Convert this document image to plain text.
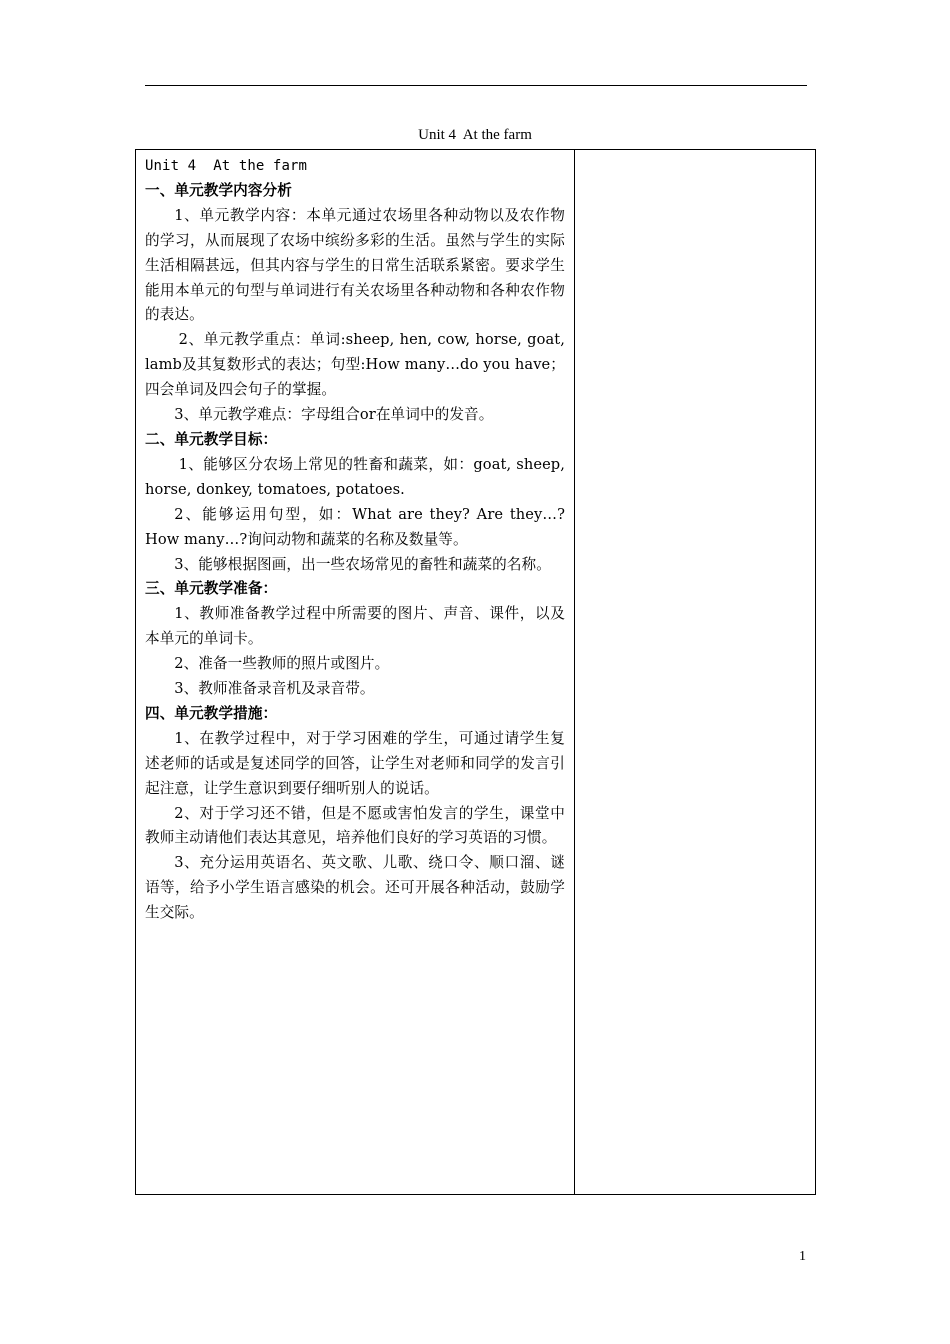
Unit 4  At the farm
Unit 4  At the farm
一、单元教学内容分析

1、单元教学内容：本单元通过农场里各种动物以及农作物的学习，从而展现了农场中缤纷多彩的生活。虽然与学生的实际生活相隔甚远，但其内容与学生的日常生活联系紧密。要求学生能用本单元的句型与单词进行有关农场里各种动物和各种农作物的表达。

2、单元教学重点：单词:sheep, hen, cow, horse, goat, lamb及其复数形式的表达；句型:How many…do you have；四会单词及四会句子的掌握。

3、单元教学难点：字母组合or在单词中的发音。

二、单元教学目标：

1、能够区分农场上常见的牲畜和蔬菜，如：goat, sheep, horse, donkey, tomatoes, potatoes.

2、能够运用句型，如：What are they? Are they…? How many…?询问动物和蔬菜的名称及数量等。

3、能够根据图画，出一些农场常见的畜牲和蔬菜的名称。

三、单元教学准备：

1、教师准备教学过程中所需要的图片、声音、课件，以及本单元的单词卡。

2、准备一些教师的照片或图片。

3、教师准备录音机及录音带。

四、单元教学措施：

1、在教学过程中，对于学习困难的学生，可通过请学生复述老师的话或是复述同学的回答，让学生对老师和同学的发言引起注意，让学生意识到要仔细听别人的说话。

2、对于学习还不错，但是不愿或害怕发言的学生，课堂中教师主动请他们表达其意见，培养他们良好的学习英语的习惯。

3、充分运用英语名、英文歌、儿歌、绕口令、顺口溜、谜语等，给予小学生语言感染的机会。还可开展各种活动，鼓励学生交际。

1
